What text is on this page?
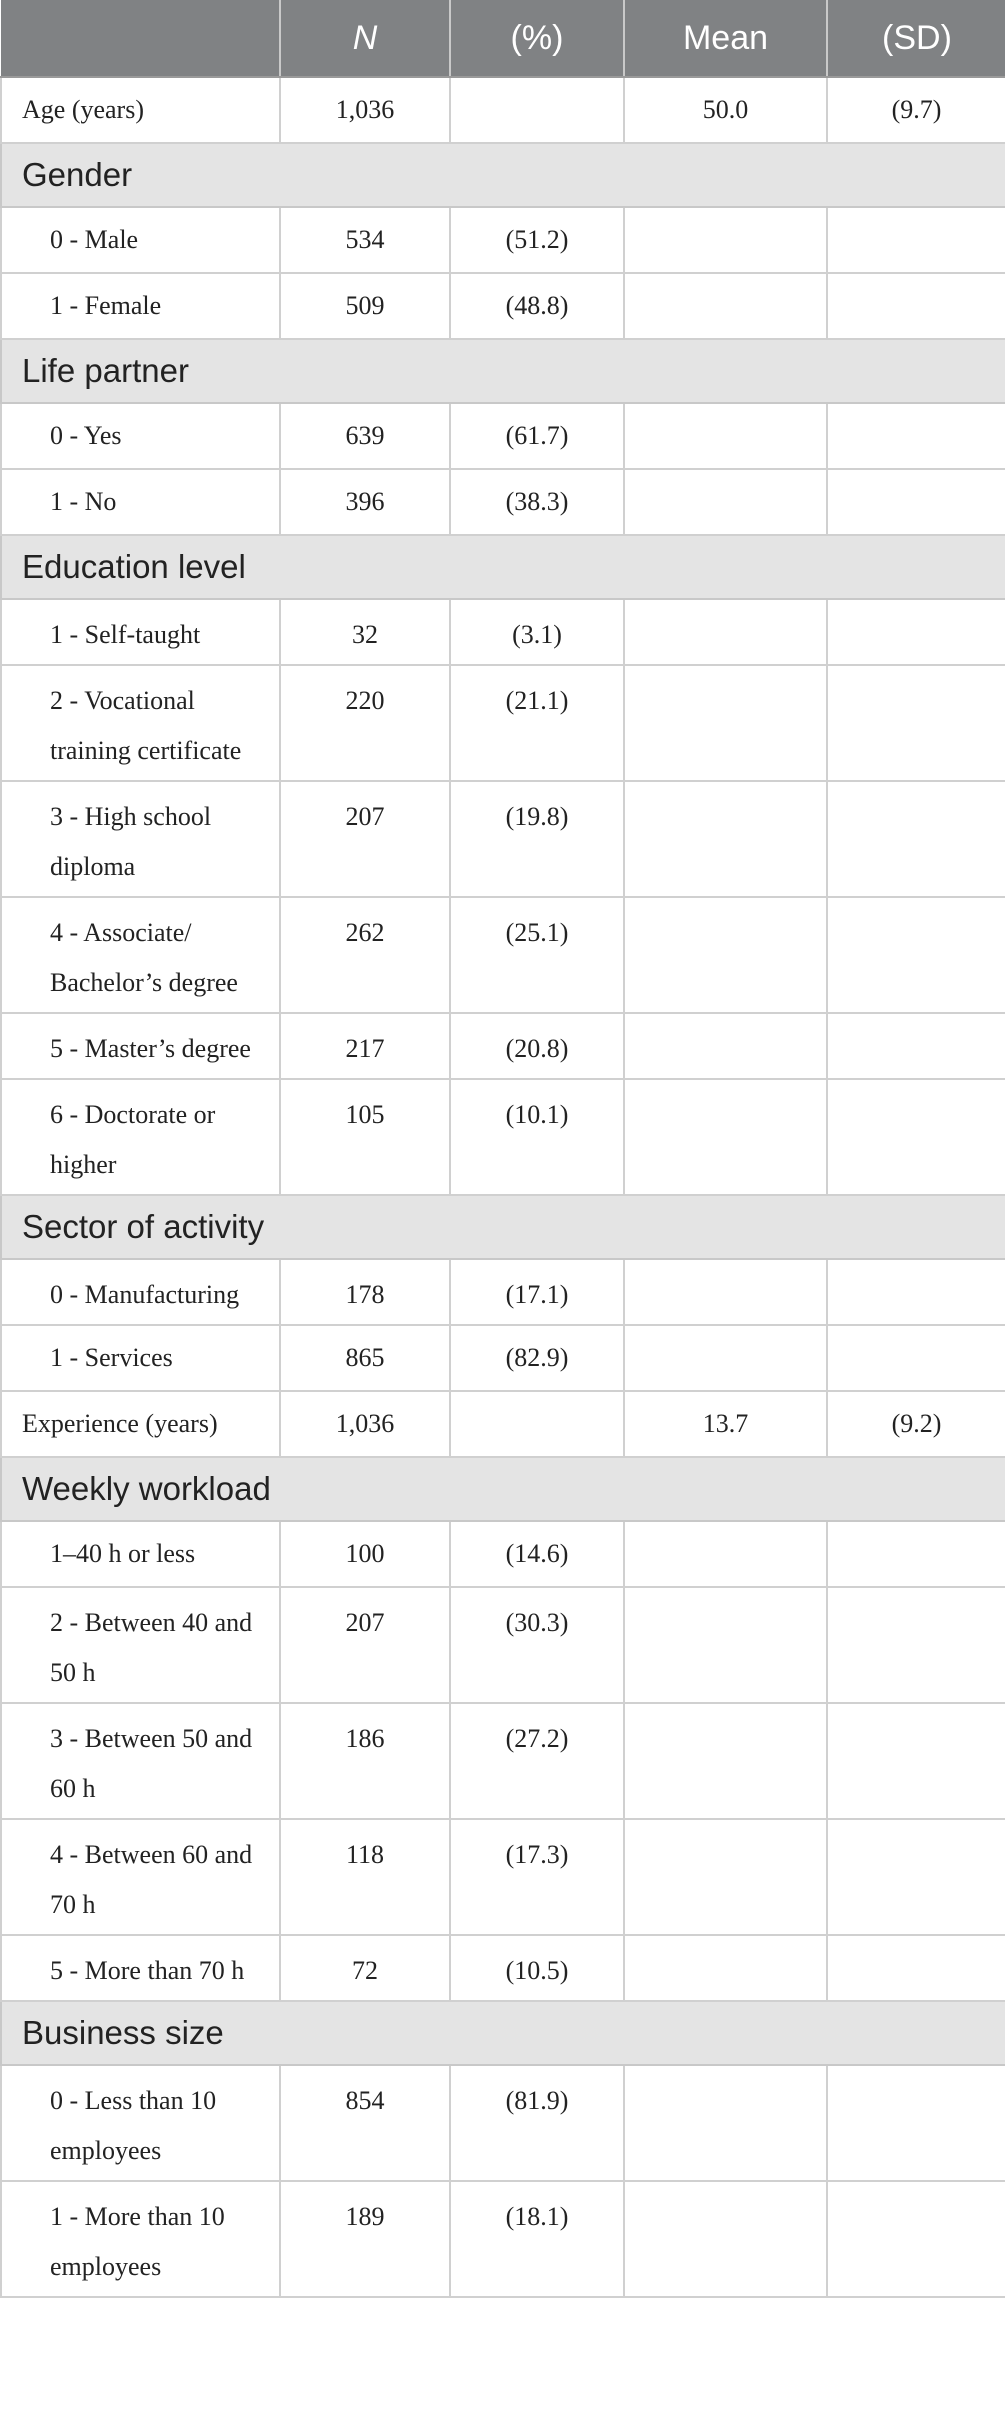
	N	(%)	Mean	(SD)
Age (years)	1,036		50.0	(9.7)
Gender				
0 - Male	534	(51.2)		
1 - Female	509	(48.8)		
Life partner				
0 - Yes	639	(61.7)		
1 - No	396	(38.3)		
Education level				
1 - Self-taught	32	(3.1)		
2 - Vocational training certificate	220	(21.1)		
3 - High school diploma	207	(19.8)		
4 - Associate/ Bachelor’s degree	262	(25.1)		
5 - Master’s degree	217	(20.8)		
6 - Doctorate or higher	105	(10.1)		
Sector of activity				
0 - Manufacturing	178	(17.1)		
1 - Services	865	(82.9)		
Experience (years)	1,036		13.7	(9.2)
Weekly workload				
1–40 h or less	100	(14.6)		
2 - Between 40 and 50 h	207	(30.3)		
3 - Between 50 and 60 h	186	(27.2)		
4 - Between 60 and 70 h	118	(17.3)		
5 - More than 70 h	72	(10.5)		
Business size				
0 - Less than 10 employees	854	(81.9)		
1 - More than 10 employees	189	(18.1)		
